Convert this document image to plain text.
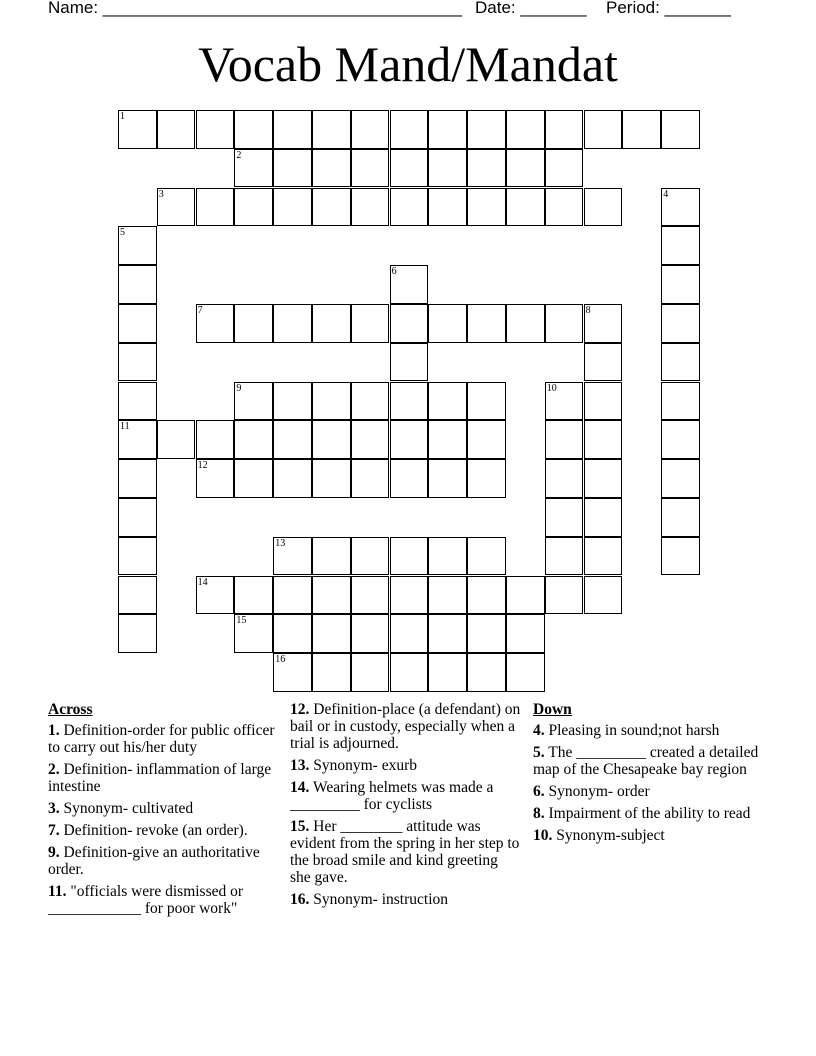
Name: ______________________________________ Date: _______ Period: _______
Vocab Mand/Mandat
1
2
3	4
5
6
7	8
9	10
11
12
13
14
15
16
Across
1. Definition-order for public officer to carry out his/her duty
2. Definition- inflammation of large intestine
3. Synonym- cultivated
7. Definition- revoke (an order).
9. Definition-give an authoritative order.
11. "officials were dismissed or ____________ for poor work"
12. Definition-place (a defendant) on bail or in custody, especially when a trial is adjourned.
13. Synonym- exurb
14. Wearing helmets was made a _________ for cyclists
15. Her ________ attitude was evident from the spring in her step to the broad smile and kind greeting she gave.
16. Synonym- instruction
Down
4. Pleasing in sound;not harsh
5. The _________ created a detailed map of the Chesapeake bay region
6. Synonym- order
8. Impairment of the ability to read
10. Synonym-subject
